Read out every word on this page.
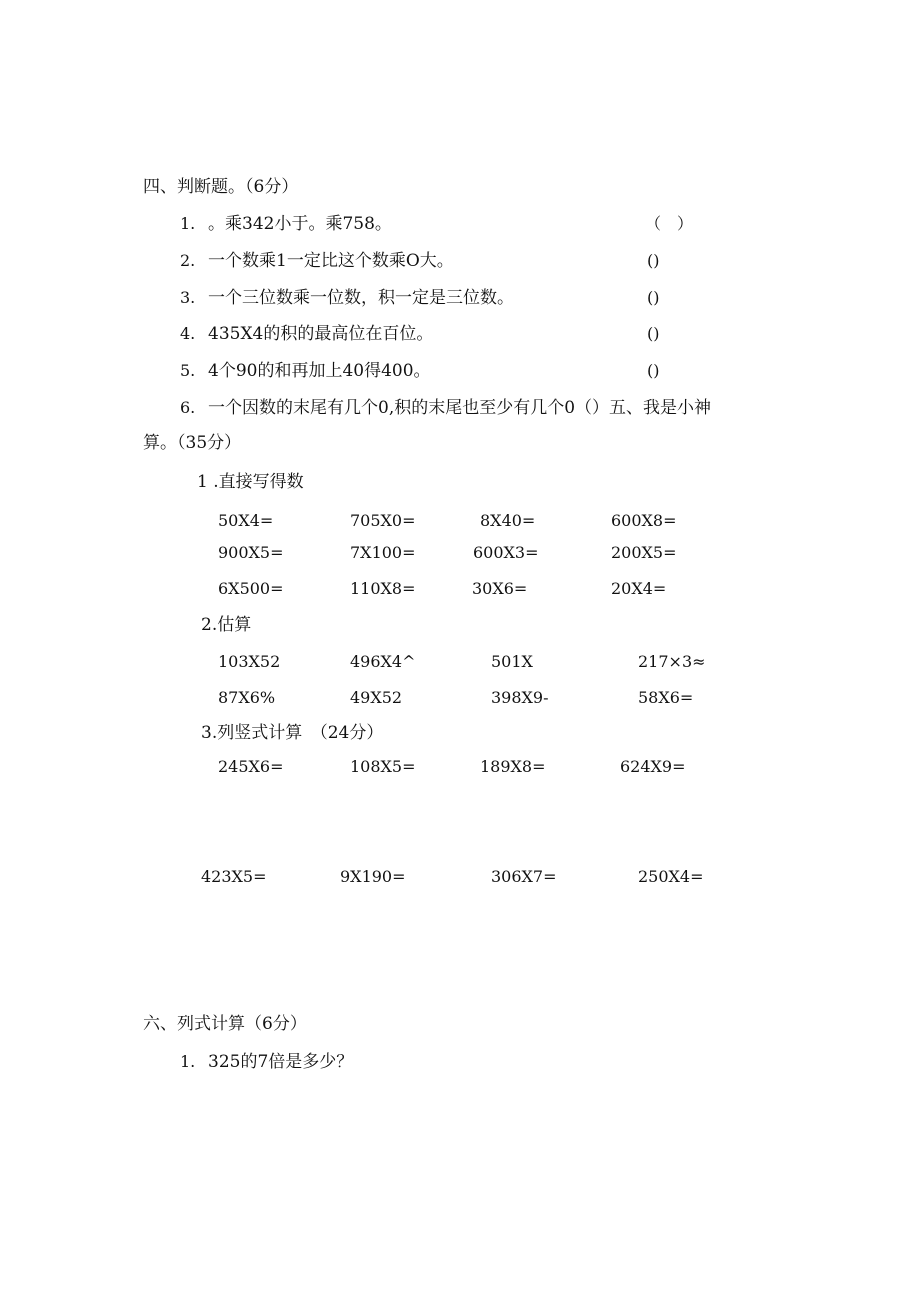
四、判断题。（6分）
1. 。乘342小于。乘758。	（　）
2. 一个数乘1一定比这个数乘O大。	()
3. 一个三位数乘一位数，积一定是三位数。	()
4. 435X4的积的最高位在百位。	()
5. 4个90的和再加上40得400。	()
6. 一个因数的末尾有几个0,积的末尾也至少有几个0（）五、我是小神
算。（35分）
1 .直接写得数
50X4=	705X0=	8X40=	600X8=
900X5=	7X100=	600X3=	200X5=
6X500=	110X8=	30X6=	20X4=
2.估算
103X52	496X4^	501X	217×3≈
87X6%	49X52	398X9-	58X6=
3.列竖式计算　（24分）
245X6=	108X5=	189X8=	624X9=
423X5=	9X190=	306X7=	250X4=
六、列式计算（6分）
1. 325的7倍是多少？
